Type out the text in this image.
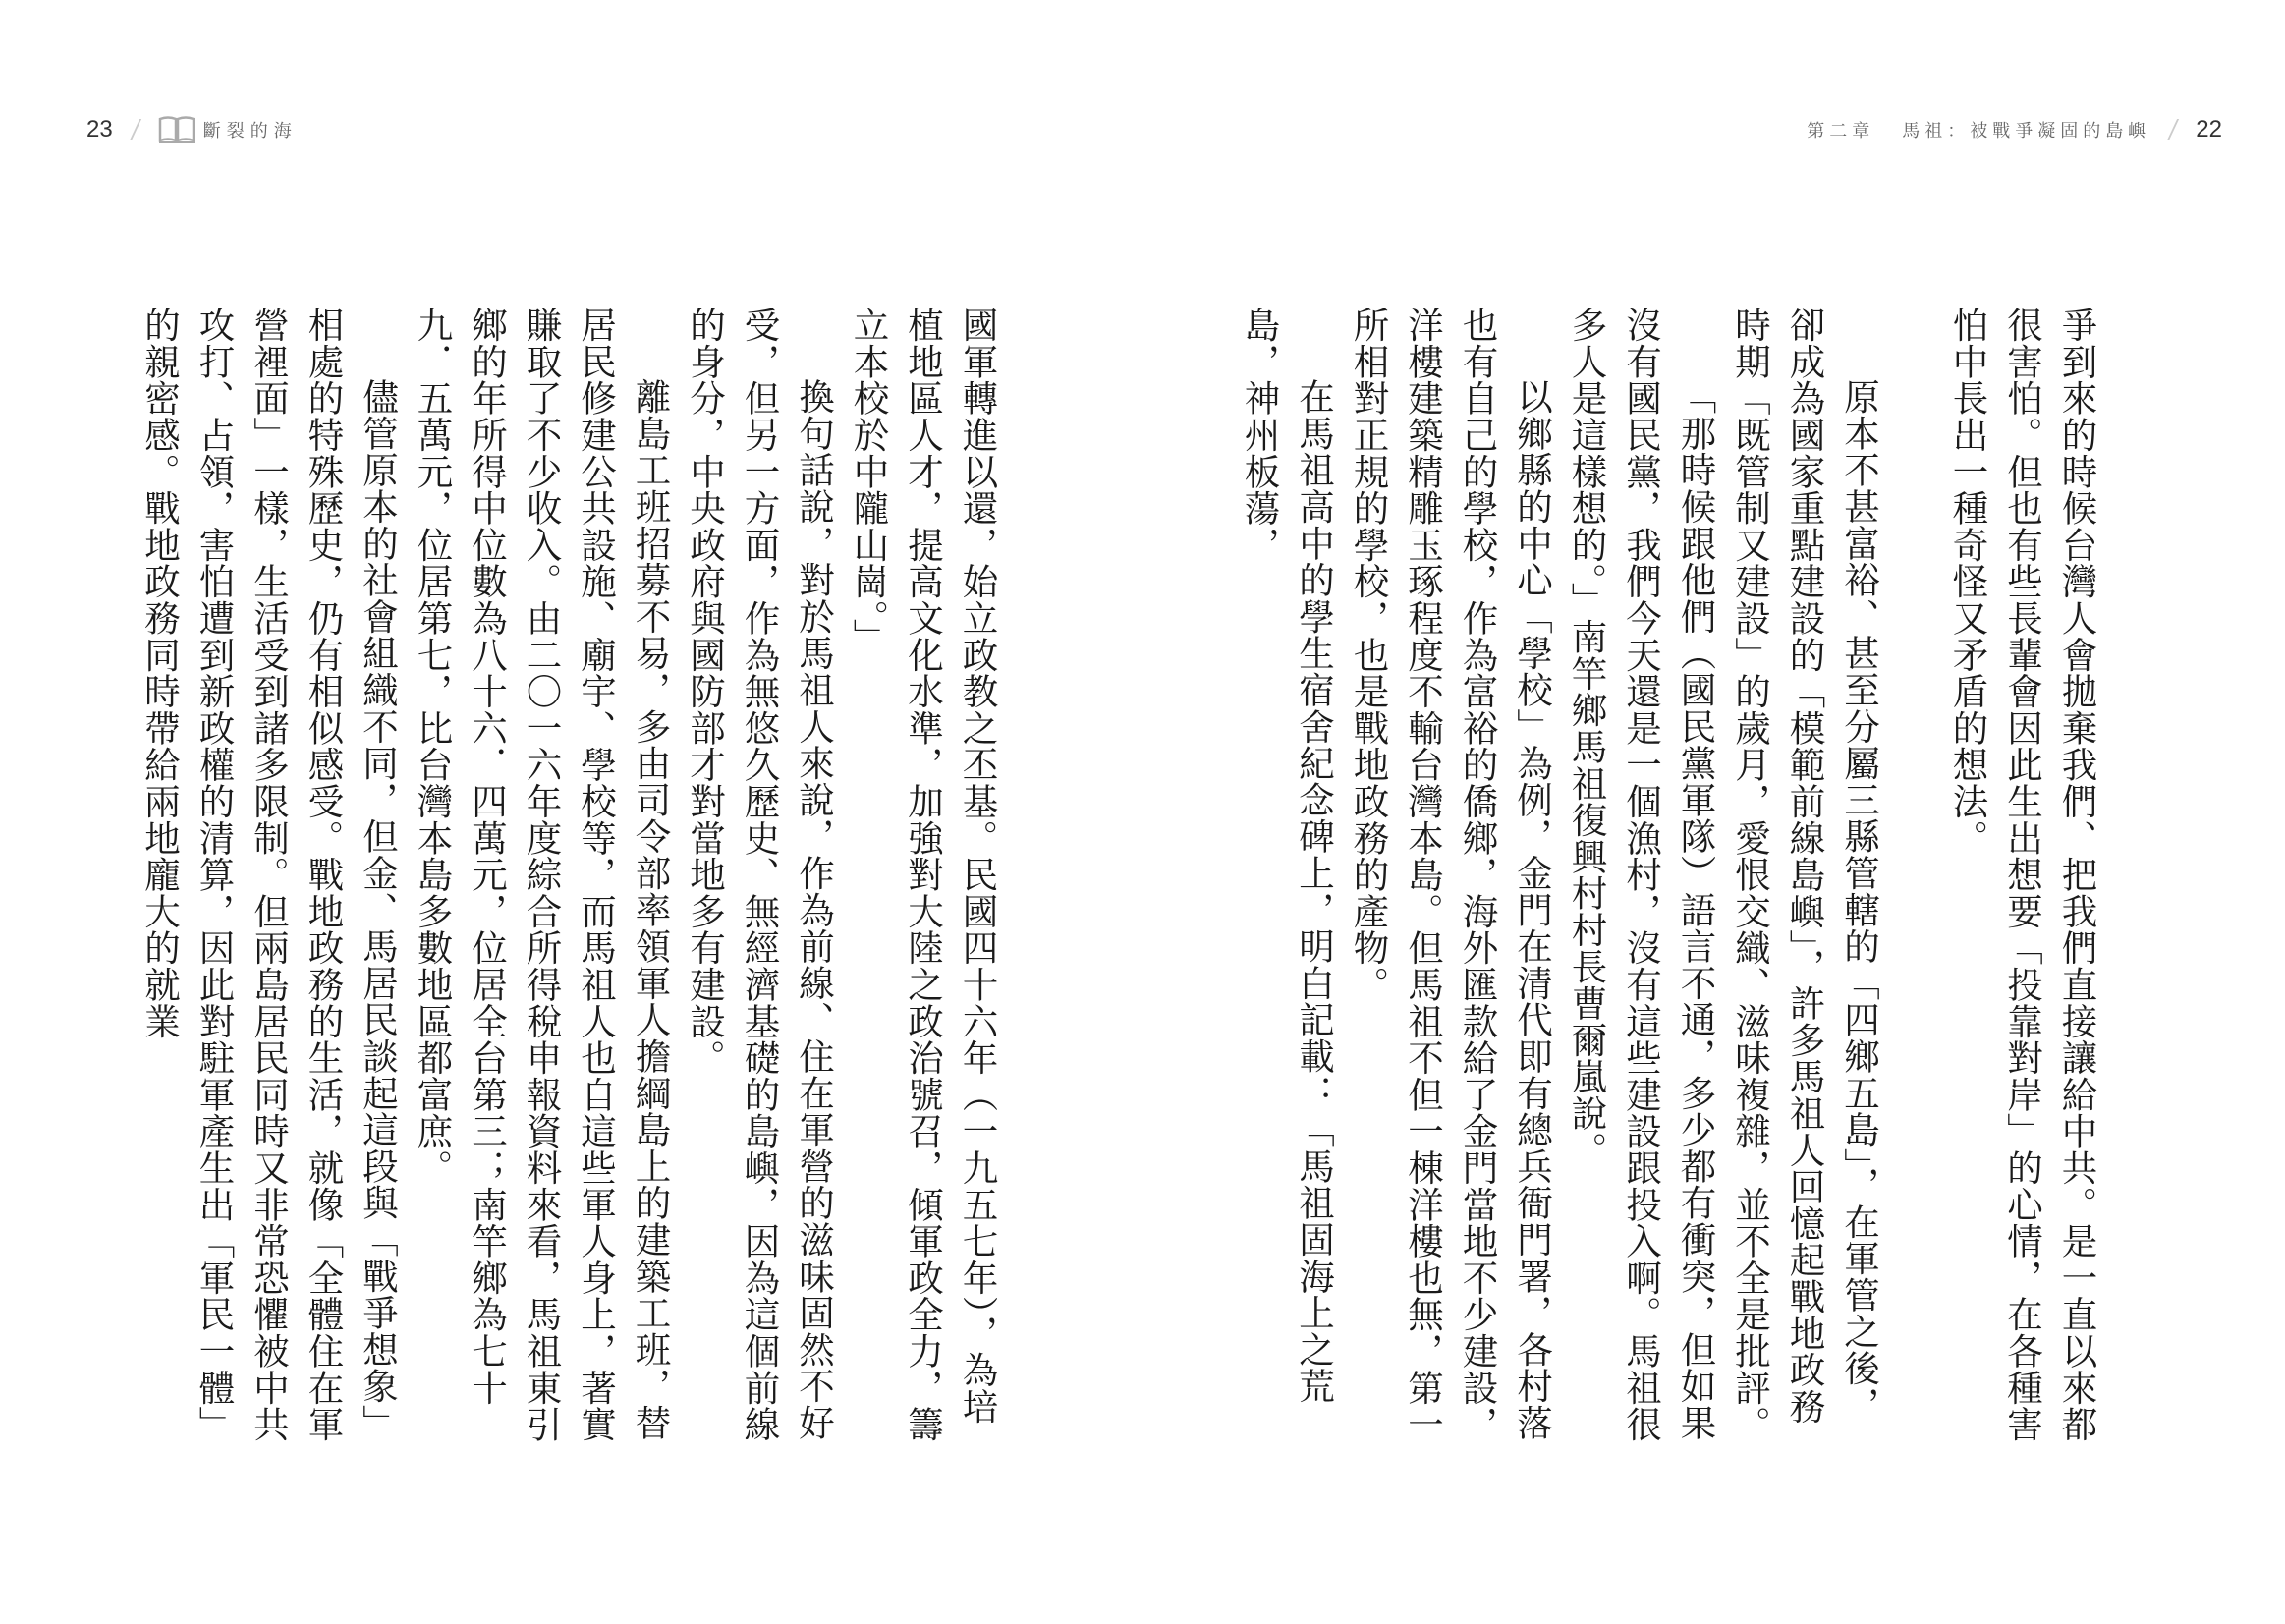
23	斷裂的海

國軍轉進以還，始立政教之丕基。民國四十六年（一九五七年），為培植地區人才，提高文化水準，加強對大陸之政治號召，傾軍政全力，籌立本校於中隴山崗。」

換句話說，對於馬祖人來說，作為前線、住在軍營的滋味固然不好受，但另一方面，作為無悠久歷史、無經濟基礎的島嶼，因為這個前線的身分，中央政府與國防部才對當地多有建設。

離島工班招募不易，多由司令部率領軍人擔綱島上的建築工班，替居民修建公共設施、廟宇、學校等，而馬祖人也自這些軍人身上，著實賺取了不少收入。由二〇一六年度綜合所得稅申報資料來看，馬祖東引鄉的年所得中位數為八十六．四萬元，位居全台第三；南竿鄉為七十九．五萬元，位居第七，比台灣本島多數地區都富庶。

儘管原本的社會組織不同，但金、馬居民談起這段與「戰爭想象」相處的特殊歷史，仍有相似感受。戰地政務的生活，就像「全體住在軍營裡面」一樣，生活受到諸多限制。但兩島居民同時又非常恐懼被中共攻打、占領，害怕遭到新政權的清算，因此對駐軍產生出「軍民一體」的親密感。戰地政務同時帶給兩地龐大的就業

第二章 馬祖：被戰爭凝固的島嶼 22

爭到來的時候台灣人會拋棄我們、把我們直接讓給中共。是一直以來都很害怕。但也有些長輩會因此生出想要「投靠對岸」的心情，在各種害怕中長出一種奇怪又矛盾的想法。

原本不甚富裕、甚至分屬三縣管轄的「四鄉五島」，在軍管之後，卻成為國家重點建設的「模範前線島嶼」，許多馬祖人回憶起戰地政務時期「既管制又建設」的歲月，愛恨交織、滋味複雜，並不全是批評。

「那時候跟他們（國民黨軍隊）語言不通，多少都有衝突，但如果沒有國民黨，我們今天還是一個漁村，沒有這些建設跟投入啊。馬祖很多人是這樣想的。」南竿鄉馬祖復興村村長曹爾嵐說。

以鄉縣的中心「學校」為例，金門在清代即有總兵衙門署，各村落也有自己的學校，作為富裕的僑鄉，海外匯款給了金門當地不少建設，洋樓建築精雕玉琢程度不輸台灣本島。但馬祖不但一棟洋樓也無，第一所相對正規的學校，也是戰地政務的產物。

在馬祖高中的學生宿舍紀念碑上，明白記載：「馬祖固海上之荒島，神州板蕩，
